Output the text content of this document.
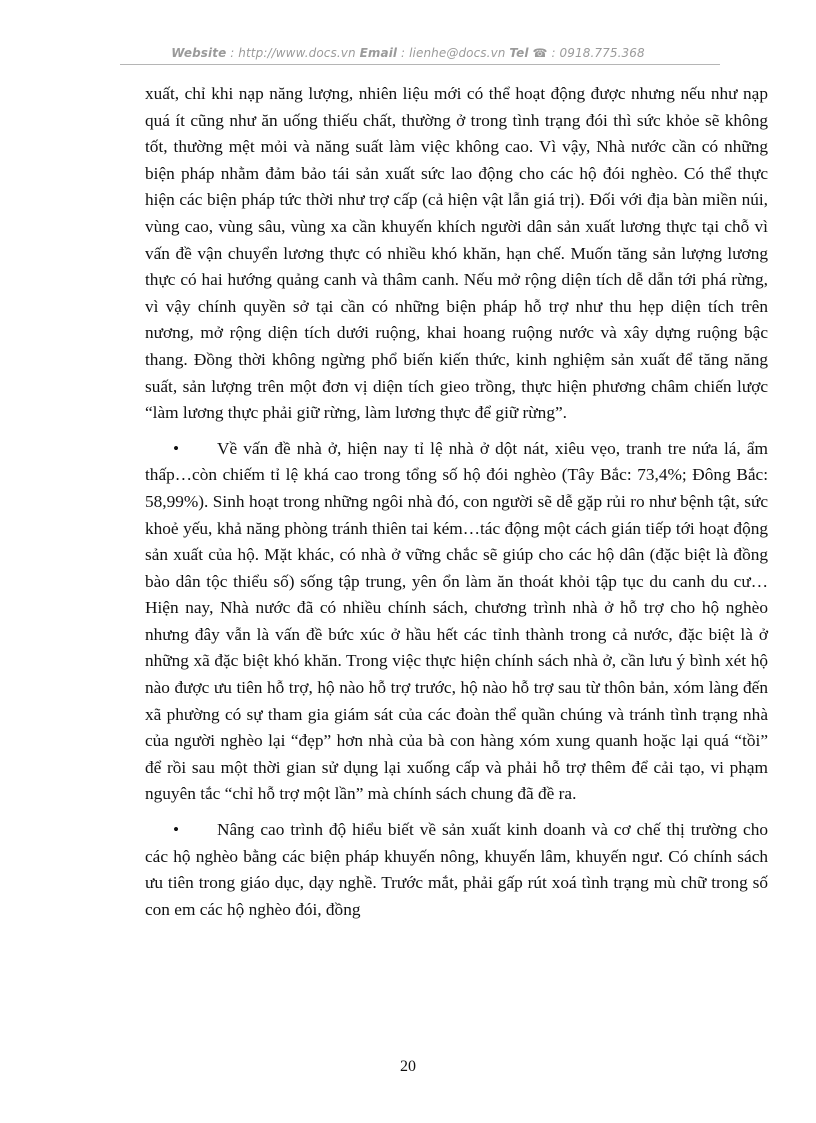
Website : http://www.docs.vn Email : lienhe@docs.vn Tel ☎ : 0918.775.368

xuất, chỉ khi nạp năng lượng, nhiên liệu mới có thể hoạt động được nhưng nếu như nạp quá ít cũng như ăn uống thiếu chất, thường ở trong tình trạng đói thì sức khỏe sẽ không tốt, thường mệt mỏi và năng suất làm việc không cao. Vì vậy, Nhà nước cần có những biện pháp nhằm đảm bảo tái sản xuất sức lao động cho các hộ đói nghèo. Có thể thực hiện các biện pháp tức thời như trợ cấp (cả hiện vật lẫn giá trị). Đối với địa bàn miền núi, vùng cao, vùng sâu, vùng xa cần khuyến khích người dân sản xuất lương thực tại chỗ vì vấn đề vận chuyển lương thực có nhiều khó khăn, hạn chế. Muốn tăng sản lượng lương thực có hai hướng quảng canh và thâm canh. Nếu mở rộng diện tích dễ dẫn tới phá rừng, vì vậy chính quyền sở tại cần có những biện pháp hỗ trợ như thu hẹp diện tích trên nương, mở rộng diện tích dưới ruộng, khai hoang ruộng nước và xây dựng ruộng bậc thang. Đồng thời không ngừng phổ biến kiến thức, kinh nghiệm sản xuất để tăng năng suất, sản lượng trên một đơn vị diện tích gieo trồng, thực hiện phương châm chiến lược “làm lương thực phải giữ rừng, làm lương thực để giữ rừng”.

• Về vấn đề nhà ở, hiện nay tỉ lệ nhà ở dột nát, xiêu vẹo, tranh tre nứa lá, ẩm thấp…còn chiếm tỉ lệ khá cao trong tổng số hộ đói nghèo (Tây Bắc: 73,4%; Đông Bắc: 58,99%). Sinh hoạt trong những ngôi nhà đó, con người sẽ dễ gặp rủi ro như bệnh tật, sức khoẻ yếu, khả năng phòng tránh thiên tai kém…tác động một cách gián tiếp tới hoạt động sản xuất của hộ. Mặt khác, có nhà ở vững chắc sẽ giúp cho các hộ dân (đặc biệt là đồng bào dân tộc thiểu số) sống tập trung, yên ổn làm ăn thoát khỏi tập tục du canh du cư…Hiện nay, Nhà nước đã có nhiều chính sách, chương trình nhà ở hỗ trợ cho hộ nghèo nhưng đây vẫn là vấn đề bức xúc ở hầu hết các tỉnh thành trong cả nước, đặc biệt là ở những xã đặc biệt khó khăn. Trong việc thực hiện chính sách nhà ở, cần lưu ý bình xét hộ nào được ưu tiên hỗ trợ, hộ nào hỗ trợ trước, hộ nào hỗ trợ sau từ thôn bản, xóm làng đến xã phường có sự tham gia giám sát của các đoàn thể quần chúng và tránh tình trạng nhà của người nghèo lại “đẹp” hơn nhà của bà con hàng xóm xung quanh hoặc lại quá “tồi” để rồi sau một thời gian sử dụng lại xuống cấp và phải hỗ trợ thêm để cải tạo, vi phạm nguyên tắc “chỉ hỗ trợ một lần” mà chính sách chung đã đề ra.

• Nâng cao trình độ hiểu biết về sản xuất kinh doanh và cơ chế thị trường cho các hộ nghèo bằng các biện pháp khuyến nông, khuyến lâm, khuyến ngư. Có chính sách ưu tiên trong giáo dục, dạy nghề. Trước mắt, phải gấp rút xoá tình trạng mù chữ trong số con em các hộ nghèo đói, đồng

20
